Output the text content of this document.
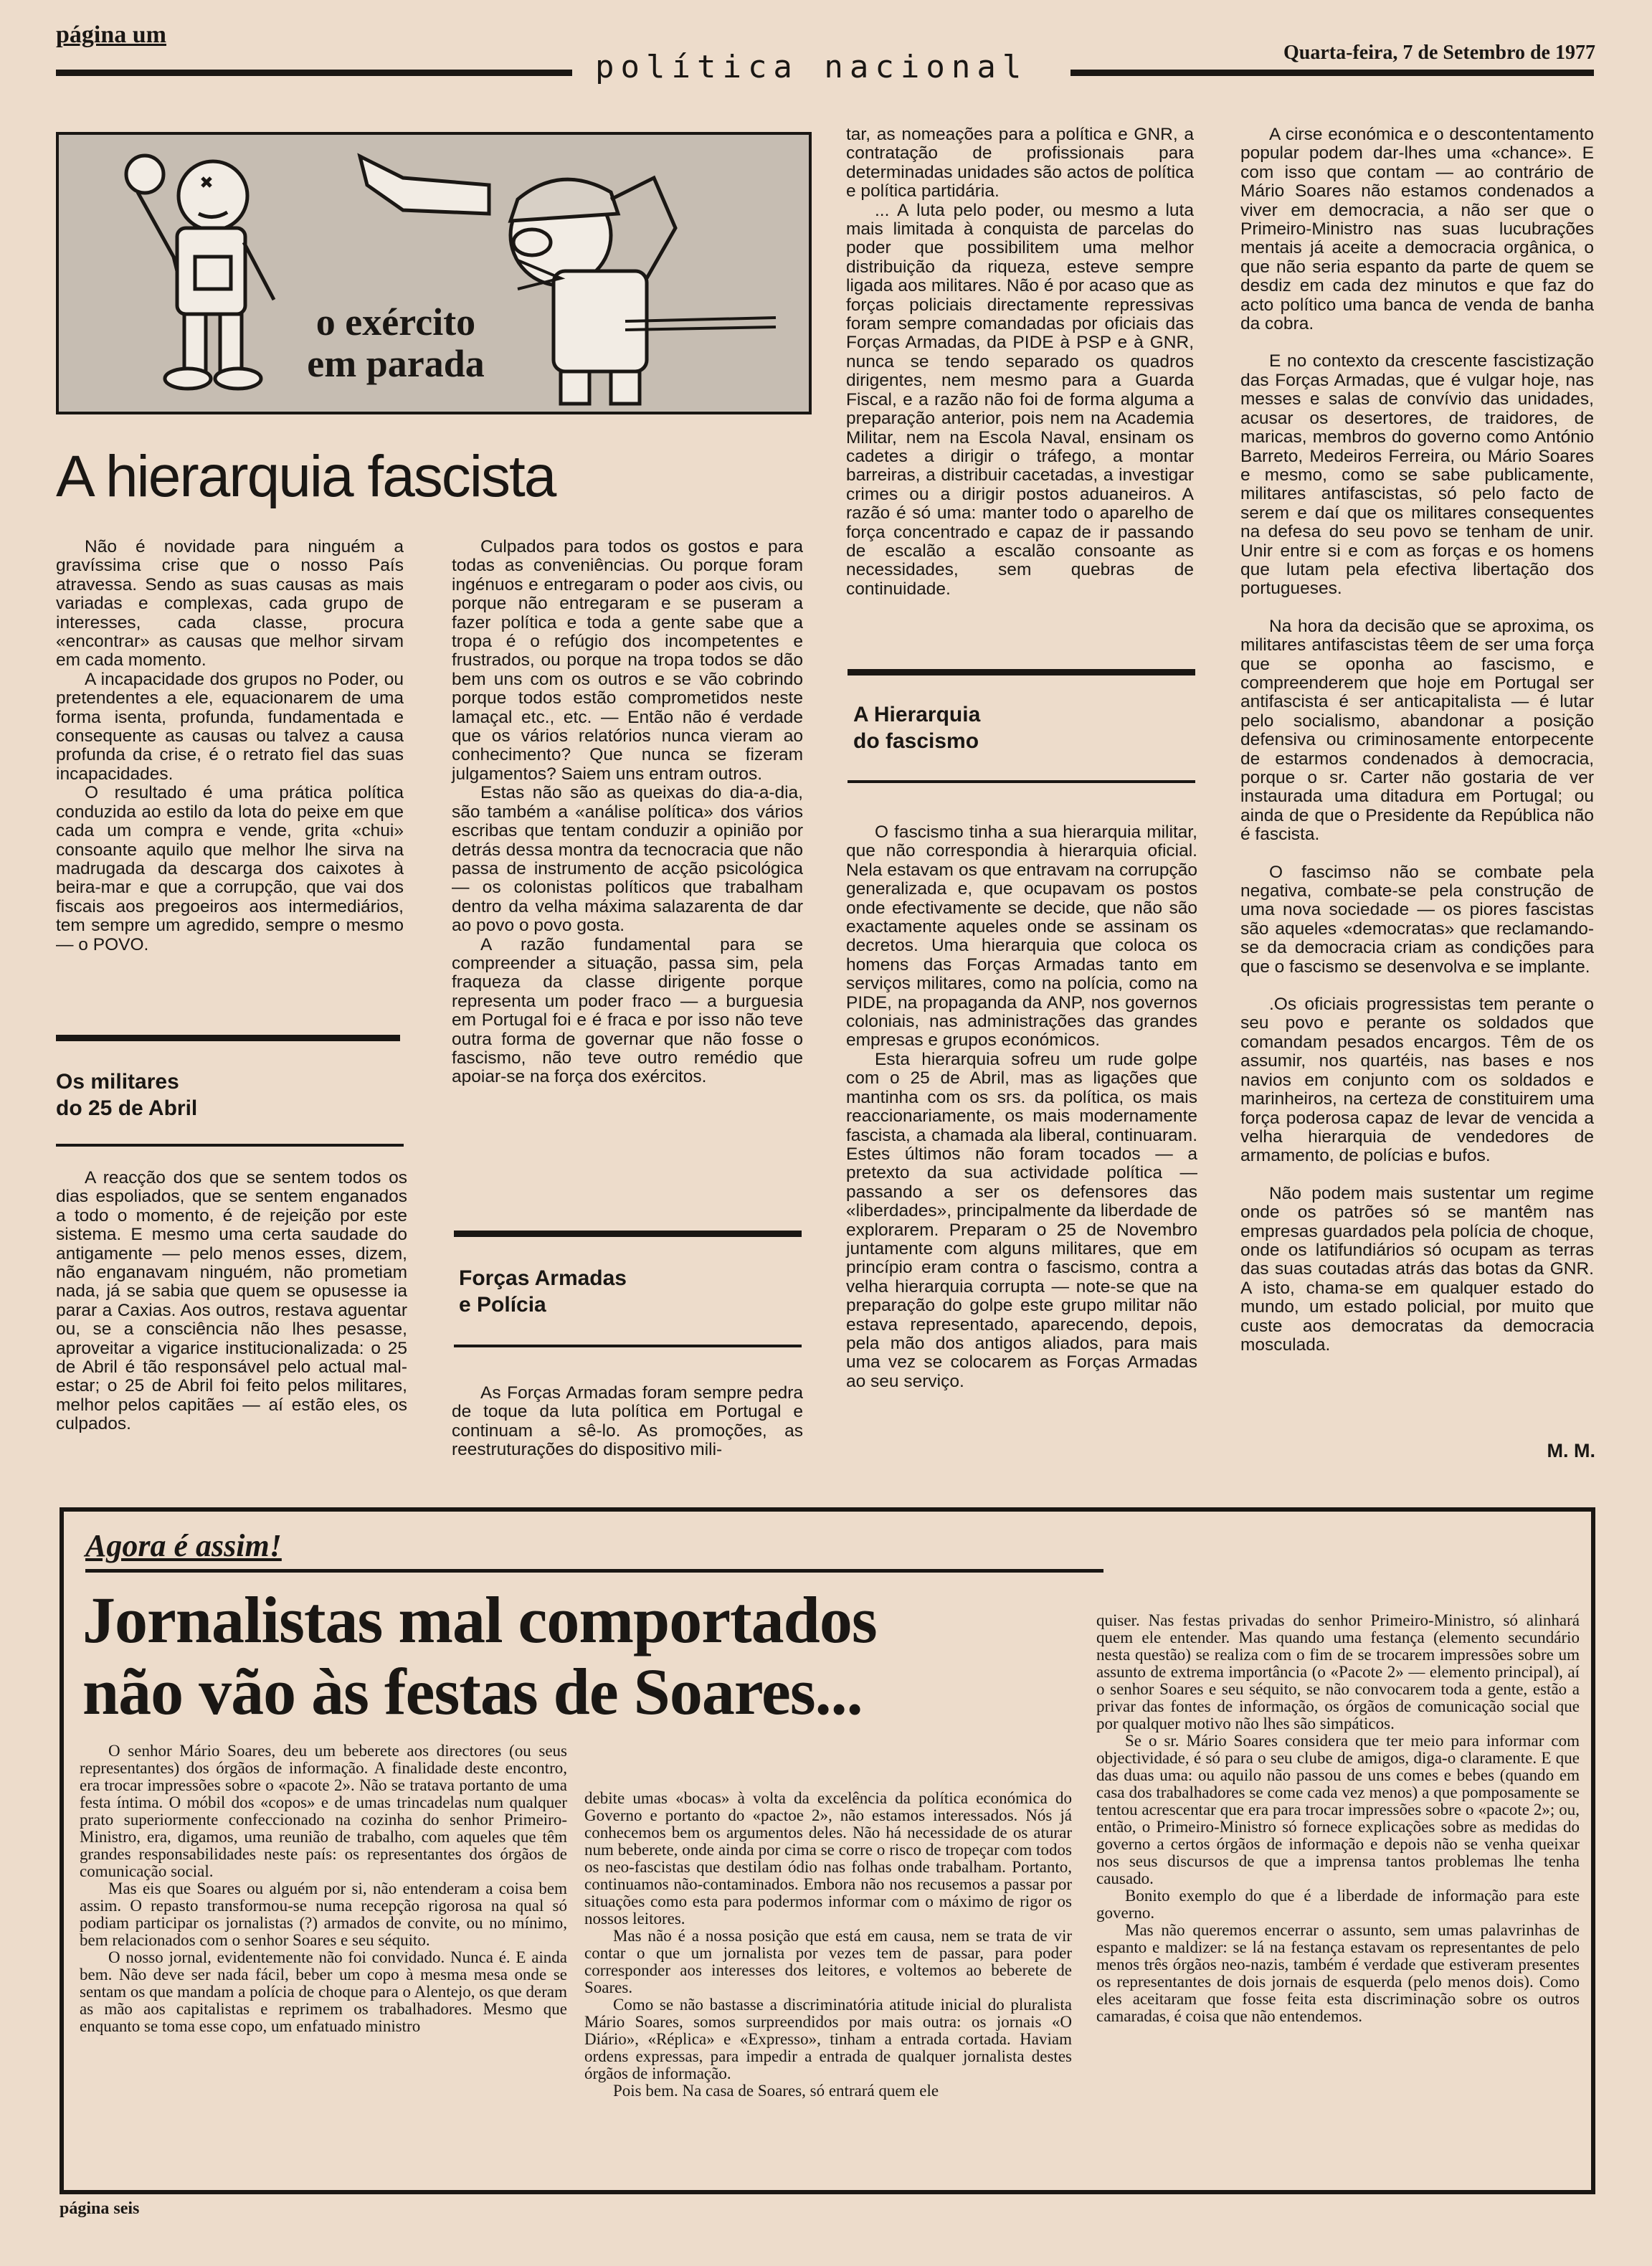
página um
política nacional	Quarta-feira, 7 de Setembro de 1977
o exército
em parada
A hierarquia fascista

Não é novidade para ninguém a gravíssima crise que o nosso País atravessa. Sendo as suas causas as mais variadas e complexas, cada grupo de interesses, cada classe, procura «encontrar» as causas que melhor sirvam em cada momento.

A incapacidade dos grupos no Poder, ou pretendentes a ele, equacionarem de uma forma isenta, profunda, fundamentada e consequente as causas ou talvez a causa profunda da crise, é o retrato fiel das suas incapacidades.

O resultado é uma prática política conduzida ao estilo da lota do peixe em que cada um compra e vende, grita «chui» consoante aquilo que melhor lhe sirva na madrugada da descarga dos caixotes à beira-mar e que a corrupção, que vai dos fiscais aos pregoeiros aos intermediários, tem sempre um agredido, sempre o mesmo — o POVO.

Os militares
do 25 de Abril

A reacção dos que se sentem todos os dias espoliados, que se sentem enganados a todo o momento, é de rejeição por este sistema. E mesmo uma certa saudade do antigamente — pelo menos esses, dizem, não enganavam ninguém, não prometiam nada, já se sabia que quem se opusesse ia parar a Caxias. Aos outros, restava aguentar ou, se a consciência não lhes pesasse, aproveitar a vigarice institucionalizada: o 25 de Abril é tão responsável pelo actual mal-estar; o 25 de Abril foi feito pelos militares, melhor pelos capitães — aí estão eles, os culpados.

Culpados para todos os gostos e para todas as conveniências. Ou porque foram ingénuos e entregaram o poder aos civis, ou porque não entregaram e se puseram a fazer política e toda a gente sabe que a tropa é o refúgio dos incompetentes e frustrados, ou porque na tropa todos se dão bem uns com os outros e se vão cobrindo porque todos estão comprometidos neste lamaçal etc., etc. — Então não é verdade que os vários relatórios nunca vieram ao conhecimento? Que nunca se fizeram julgamentos? Saiem uns entram outros.

Estas não são as queixas do dia-a-dia, são também a «análise política» dos vários escribas que tentam conduzir a opinião por detrás dessa montra da tecnocracia que não passa de instrumento de acção psicológica — os colonistas políticos que trabalham dentro da velha máxima salazarenta de dar ao povo o povo gosta.

A razão fundamental para se compreender a situação, passa sim, pela fraqueza da classe dirigente porque representa um poder fraco — a burguesia em Portugal foi e é fraca e por isso não teve outra forma de governar que não fosse o fascismo, não teve outro remédio que apoiar-se na força dos exércitos.

Forças Armadas
e Polícia

As Forças Armadas foram sempre pedra de toque da luta política em Portugal e continuam a sê-lo. As promoções, as reestruturações do dispositivo mili-

tar, as nomeações para a política e GNR, a contratação de profissionais para determinadas unidades são actos de política e política partidária.

... A luta pelo poder, ou mesmo a luta mais limitada à conquista de parcelas do poder que possibilitem uma melhor distribuição da riqueza, esteve sempre ligada aos militares. Não é por acaso que as forças policiais directamente repressivas foram sempre comandadas por oficiais das Forças Armadas, da PIDE à PSP e à GNR, nunca se tendo separado os quadros dirigentes, nem mesmo para a Guarda Fiscal, e a razão não foi de forma alguma a preparação anterior, pois nem na Academia Militar, nem na Escola Naval, ensinam os cadetes a dirigir o tráfego, a montar barreiras, a distribuir cacetadas, a investigar crimes ou a dirigir postos aduaneiros. A razão é só uma: manter todo o aparelho de força concentrado e capaz de ir passando de escalão a escalão consoante as necessidades, sem quebras de continuidade.

A Hierarquia
do fascismo

O fascismo tinha a sua hierarquia militar, que não correspondia à hierarquia oficial. Nela estavam os que entravam na corrupção generalizada e, que ocupavam os postos onde efectivamente se decide, que não são exactamente aqueles onde se assinam os decretos. Uma hierarquia que coloca os homens das Forças Armadas tanto em serviços militares, como na polícia, como na PIDE, na propaganda da ANP, nos governos coloniais, nas administrações das grandes empresas e grupos económicos.

Esta hierarquia sofreu um rude golpe com o 25 de Abril, mas as ligações que mantinha com os srs. da política, os mais reaccionariamente, os mais modernamente fascista, a chamada ala liberal, continuaram. Estes últimos não foram tocados — a pretexto da sua actividade política — passando a ser os defensores das «liberdades», principalmente da liberdade de explorarem. Preparam o 25 de Novembro juntamente com alguns militares, que em princípio eram contra o fascismo, contra a velha hierarquia corrupta — note-se que na preparação do golpe este grupo militar não estava representado, aparecendo, depois, pela mão dos antigos aliados, para mais uma vez se colocarem as Forças Armadas ao seu serviço.

A cirse económica e o descontentamento popular podem dar-lhes uma «chance». E com isso que contam — ao contrário de Mário Soares não estamos condenados a viver em democracia, a não ser que o Primeiro-Ministro nas suas lucubrações mentais já aceite a democracia orgânica, o que não seria espanto da parte de quem se desdiz em cada dez minutos e que faz do acto político uma banca de venda de banha da cobra.

E no contexto da crescente fascistização das Forças Armadas, que é vulgar hoje, nas messes e salas de convívio das unidades, acusar os desertores, de traidores, de maricas, membros do governo como António Barreto, Medeiros Ferreira, ou Mário Soares e mesmo, como se sabe publicamente, militares antifascistas, só pelo facto de serem e daí que os militares consequentes na defesa do seu povo se tenham de unir. Unir entre si e com as forças e os homens que lutam pela efectiva libertação dos portugueses.

Na hora da decisão que se aproxima, os militares antifascistas têem de ser uma força que se oponha ao fascismo, e compreenderem que hoje em Portugal ser antifascista é ser anticapitalista — é lutar pelo socialismo, abandonar a posição defensiva ou criminosamente entorpecente de estarmos condenados à democracia, porque o sr. Carter não gostaria de ver instaurada uma ditadura em Portugal; ou ainda de que o Presidente da República não é fascista.

O fascimso não se combate pela negativa, combate-se pela construção de uma nova sociedade — os piores fascistas são aqueles «democratas» que reclamando-se da democracia criam as condições para que o fascismo se desenvolva e se implante.

.Os oficiais progressistas tem perante o seu povo e perante os soldados que comandam pesados encargos. Têm de os assumir, nos quartéis, nas bases e nos navios em conjunto com os soldados e marinheiros, na certeza de constituirem uma força poderosa capaz de levar de vencida a velha hierarquia de vendedores de armamento, de polícias e bufos.

Não podem mais sustentar um regime onde os patrões só se mantêm nas empresas guardados pela polícia de choque, onde os latifundiários só ocupam as terras das suas coutadas atrás das botas da GNR. A isto, chama-se em qualquer estado do mundo, um estado policial, por muito que custe aos democratas da democracia mosculada.

M. M.
Agora é assim!
Jornalistas mal comportados
não vão às festas de Soares...

O senhor Mário Soares, deu um beberete aos directores (ou seus representantes) dos órgãos de informação. A finalidade deste encontro, era trocar impressões sobre o «pacote 2». Não se tratava portanto de uma festa íntima. O móbil dos «copos» e de umas trincadelas num qualquer prato superiormente confeccionado na cozinha do senhor Primeiro-Ministro, era, digamos, uma reunião de trabalho, com aqueles que têm grandes responsabilidades neste país: os representantes dos órgãos de comunicação social.

Mas eis que Soares ou alguém por si, não entenderam a coisa bem assim. O repasto transformou-se numa recepção rigorosa na qual só podiam participar os jornalistas (?) armados de convite, ou no mínimo, bem relacionados com o senhor Soares e seu séquito.

O nosso jornal, evidentemente não foi convidado. Nunca é. E ainda bem. Não deve ser nada fácil, beber um copo à mesma mesa onde se sentam os que mandam a polícia de choque para o Alentejo, os que deram as mão aos capitalistas e reprimem os trabalhadores. Mesmo que enquanto se toma esse copo, um enfatuado ministro

debite umas «bocas» à volta da excelência da política económica do Governo e portanto do «pactoe 2», não estamos interessados. Nós já conhecemos bem os argumentos deles. Não há necessidade de os aturar num beberete, onde ainda por cima se corre o risco de tropeçar com todos os neo-fascistas que destilam ódio nas folhas onde trabalham. Portanto, continuamos não-contaminados. Embora não nos recusemos a passar por situações como esta para podermos informar com o máximo de rigor os nossos leitores.

Mas não é a nossa posição que está em causa, nem se trata de vir contar o que um jornalista por vezes tem de passar, para poder corresponder aos interesses dos leitores, e voltemos ao beberete de Soares.

Como se não bastasse a discriminatória atitude inicial do pluralista Mário Soares, somos surpreendidos por mais outra: os jornais «O Diário», «Réplica» e «Expresso», tinham a entrada cortada. Haviam ordens expressas, para impedir a entrada de qualquer jornalista destes órgãos de informação.

Pois bem. Na casa de Soares, só entrará quem ele

quiser. Nas festas privadas do senhor Primeiro-Ministro, só alinhará quem ele entender. Mas quando uma festança (elemento secundário nesta questão) se realiza com o fim de se trocarem impressões sobre um assunto de extrema importância (o «Pacote 2» — elemento principal), aí o senhor Soares e seu séquito, se não convocarem toda a gente, estão a privar das fontes de informação, os órgãos de comunicação social que por qualquer motivo não lhes são simpáticos.

Se o sr. Mário Soares considera que ter meio para informar com objectividade, é só para o seu clube de amigos, diga-o claramente. E que das duas uma: ou aquilo não passou de uns comes e bebes (quando em casa dos trabalhadores se come cada vez menos) a que pomposamente se tentou acrescentar que era para trocar impressões sobre o «pacote 2»; ou, então, o Primeiro-Ministro só fornece explicações sobre as medidas do governo a certos órgãos de informação e depois não se venha queixar nos seus discursos de que a imprensa tantos problemas lhe tenha causado.

Bonito exemplo do que é a liberdade de informação para este governo.

Mas não queremos encerrar o assunto, sem umas palavrinhas de espanto e maldizer: se lá na festança estavam os representantes de pelo menos três órgãos neo-nazis, também é verdade que estiveram presentes os representantes de dois jornais de esquerda (pelo menos dois). Como eles aceitaram que fosse feita esta discriminação sobre os outros camaradas, é coisa que não entendemos.

página seis
